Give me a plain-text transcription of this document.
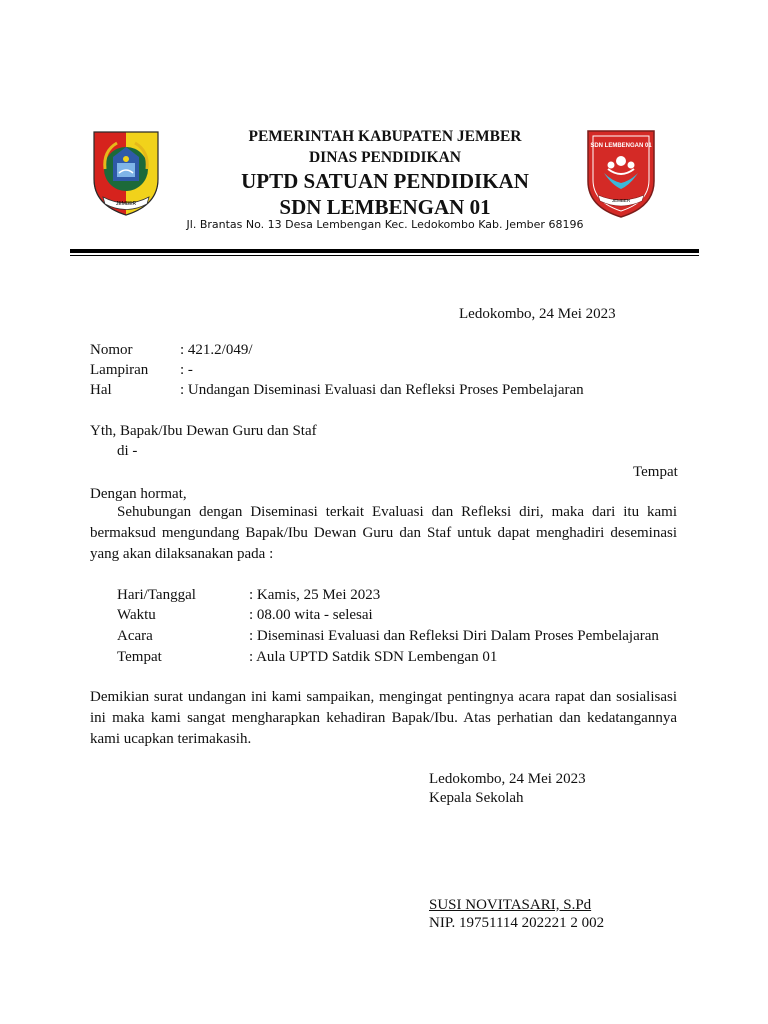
JEMBER
SDN LEMBENGAN 01
JEMBER
PEMERINTAH KABUPATEN JEMBER
DINAS PENDIDIKAN
UPTD SATUAN PENDIDIKAN
SDN LEMBENGAN 01
Jl. Brantas No. 13 Desa Lembengan Kec. Ledokombo Kab. Jember 68196
Ledokombo, 24 Mei 2023
Nomor	: 421.2/049/
Lampiran : -
Hal	: Undangan Diseminasi Evaluasi dan Refleksi Proses Pembelajaran
Yth, Bapak/Ibu Dewan Guru dan Staf
di -
Tempat
Dengan hormat,
Sehubungan dengan Diseminasi terkait Evaluasi dan Refleksi diri, maka dari itu kami bermaksud mengundang Bapak/Ibu Dewan Guru dan Staf untuk dapat menghadiri deseminasi yang akan dilaksanakan pada :
Hari/Tanggal	: Kamis, 25 Mei 2023
Waktu	: 08.00 wita - selesai
Acara	: Diseminasi Evaluasi dan Refleksi Diri Dalam Proses Pembelajaran
Tempat	: Aula UPTD Satdik SDN Lembengan 01
Demikian surat undangan ini kami sampaikan, mengingat pentingnya acara rapat dan sosialisasi ini maka kami sangat mengharapkan kehadiran Bapak/Ibu. Atas perhatian dan kedatangannya kami ucapkan terimakasih.
Ledokombo, 24 Mei 2023
Kepala Sekolah
SUSI NOVITASARI, S.Pd
NIP. 19751114 202221 2 002
